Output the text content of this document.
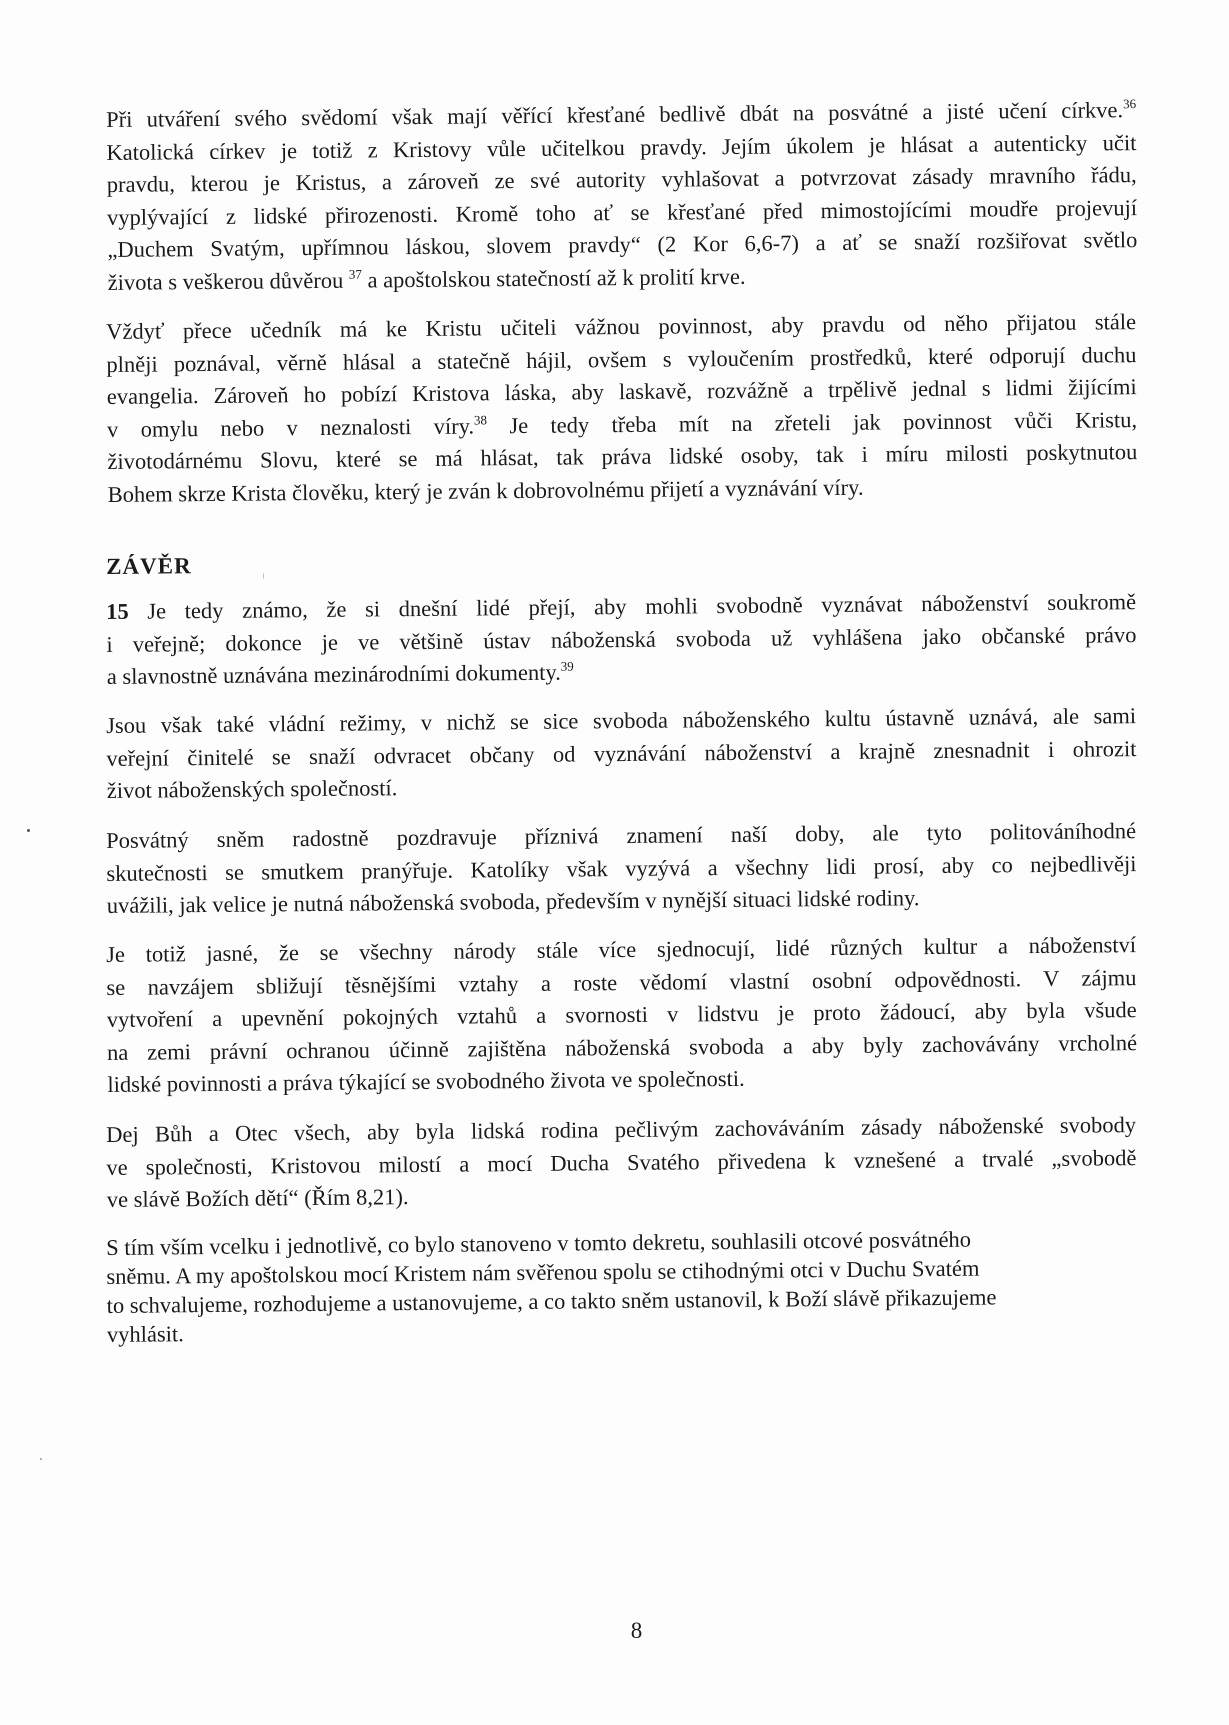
Při utváření svého svědomí však mají věřící křesťané bedlivě dbát na posvátné a jisté učení církve.$^{36}$
Katolická církev je totiž z Kristovy vůle učitelkou pravdy. Jejím úkolem je hlásat a autenticky učit
pravdu, kterou je Kristus, a zároveň ze své autority vyhlašovat a potvrzovat zásady mravního řádu,
vyplývající z lidské přirozenosti. Kromě toho ať se křesťané před mimostojícími moudře projevují
„Duchem Svatým, upřímnou láskou, slovem pravdy“ (2 Kor 6,6-7) a ať se snaží rozšiřovat světlo
života s veškerou důvěrou $^{37}$ a apoštolskou statečností až k prolití krve.
Vždyť přece učedník má ke Kristu učiteli vážnou povinnost, aby pravdu od něho přijatou stále
plněji poznával, věrně hlásal a statečně hájil, ovšem s vyloučením prostředků, které odporují duchu
evangelia. Zároveň ho pobízí Kristova láska, aby laskavě, rozvážně a trpělivě jednal s lidmi žijícími
v omylu nebo v neznalosti víry.$^{38}$ Je tedy třeba mít na zřeteli jak povinnost vůči Kristu,
životodárnému Slovu, které se má hlásat, tak práva lidské osoby, tak i míru milosti poskytnutou
Bohem skrze Krista člověku, který je zván k dobrovolnému přijetí a vyznávání víry.
ZÁVĚR
15 Je tedy známo, že si dnešní lidé přejí, aby mohli svobodně vyznávat náboženství soukromě
i veřejně; dokonce je ve většině ústav náboženská svoboda už vyhlášena jako občanské právo
a slavnostně uznávána mezinárodními dokumenty.$^{39}$
Jsou však také vládní režimy, v nichž se sice svoboda náboženského kultu ústavně uznává, ale sami
veřejní činitelé se snaží odvracet občany od vyznávání náboženství a krajně znesnadnit i ohrozit
život náboženských společností.
Posvátný sněm radostně pozdravuje příznivá znamení naší doby, ale tyto politováníhodné
skutečnosti se smutkem pranýřuje. Katolíky však vyzývá a všechny lidi prosí, aby co nejbedlivěji
uvážili, jak velice je nutná náboženská svoboda, především v nynější situaci lidské rodiny.
Je totiž jasné, že se všechny národy stále více sjednocují, lidé různých kultur a náboženství
se navzájem sbližují těsnějšími vztahy a roste vědomí vlastní osobní odpovědnosti. V zájmu
vytvoření a upevnění pokojných vztahů a svornosti v lidstvu je proto žádoucí, aby byla všude
na zemi právní ochranou účinně zajištěna náboženská svoboda a aby byly zachovávány vrcholné
lidské povinnosti a práva týkající se svobodného života ve společnosti.
Dej Bůh a Otec všech, aby byla lidská rodina pečlivým zachováváním zásady náboženské svobody
ve společnosti, Kristovou milostí a mocí Ducha Svatého přivedena k vznešené a trvalé „svobodě
ve slávě Božích dětí“ (Řím 8,21).
S tím vším vcelku i jednotlivě, co bylo stanoveno v tomto dekretu, souhlasili otcové posvátného
sněmu. A my apoštolskou mocí Kristem nám svěřenou spolu se ctihodnými otci v Duchu Svatém
to schvalujeme, rozhodujeme a ustanovujeme, a co takto sněm ustanovil, k Boží slávě přikazujeme
vyhlásit.
8
